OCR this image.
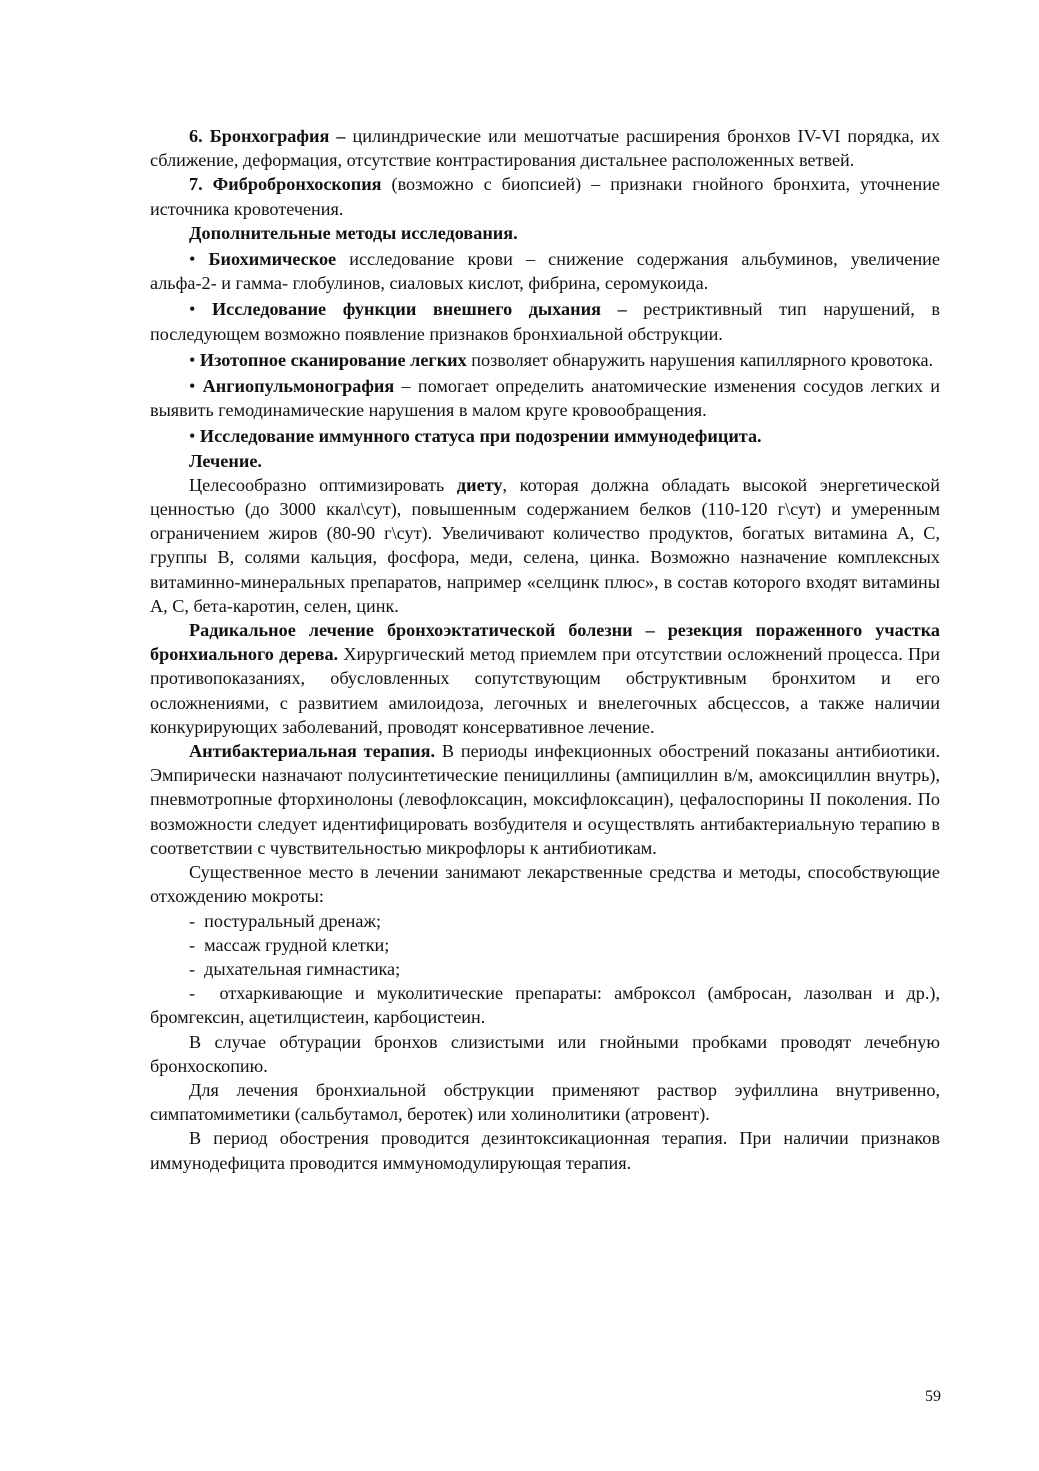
6. Бронхография – цилиндрические или мешотчатые расширения бронхов IV-VI порядка, их сближение, деформация, отсутствие контрастирования дистальнее расположенных ветвей.

7. Фибробронхоскопия (возможно с биопсией) – признаки гнойного бронхита, уточнение источника кровотечения.

Дополнительные методы исследования.

• Биохимическое исследование крови – снижение содержания альбуминов, увеличение альфа-2- и гамма- глобулинов, сиаловых кислот, фибрина, серомукоида.

• Исследование функции внешнего дыхания – рестриктивный тип нарушений, в последующем возможно появление признаков бронхиальной обструкции.

• Изотопное сканирование легких позволяет обнаружить нарушения капиллярного кровотока.

• Ангиопульмонография – помогает определить анатомические изменения сосудов легких и выявить гемодинамические нарушения в малом круге кровообращения.

• Исследование иммунного статуса при подозрении иммунодефицита.

Лечение.

Целесообразно оптимизировать диету, которая должна обладать высокой энергетической ценностью (до 3000 ккал\сут), повышенным содержанием белков (110-120 г\сут) и умеренным ограничением жиров (80-90 г\сут). Увеличивают количество продуктов, богатых витамина А, С, группы В, солями кальция, фосфора, меди, селена, цинка. Возможно назначение комплексных витаминно-минеральных препаратов, например «селцинк плюс», в состав которого входят витамины А, С, бета-каротин, селен, цинк.

Радикальное лечение бронхоэктатической болезни – резекция пораженного участка бронхиального дерева. Хирургический метод приемлем при отсутствии осложнений процесса. При противопоказаниях, обусловленных сопутствующим обструктивным бронхитом и его осложнениями, с развитием амилоидоза, легочных и внелегочных абсцессов, а также наличии конкурирующих заболеваний, проводят консервативное лечение.

Антибактериальная терапия. В периоды инфекционных обострений показаны антибиотики. Эмпирически назначают полусинтетические пенициллины (ампициллин в/м, амоксициллин внутрь), пневмотропные фторхинолоны (левофлоксацин, моксифлоксацин), цефалоспорины II поколения. По возможности следует идентифицировать возбудителя и осуществлять антибактериальную терапию в соответствии с чувствительностью микрофлоры к антибиотикам.

Существенное место в лечении занимают лекарственные средства и методы, способствующие отхождению мокроты:

-  постуральный дренаж;

-  массаж грудной клетки;

-  дыхательная гимнастика;

-  отхаркивающие и муколитические препараты: амброксол (амбросан, лазолван и др.), бромгексин, ацетилцистеин, карбоцистеин.

В случае обтурации бронхов слизистыми или гнойными пробками проводят лечебную бронхоскопию.

Для лечения бронхиальной обструкции применяют раствор эуфиллина внутривенно, симпатомиметики (сальбутамол, беротек) или холинолитики (атровент).

В период обострения проводится дезинтоксикационная терапия. При наличии признаков иммунодефицита проводится иммуномодулирующая терапия.

59
